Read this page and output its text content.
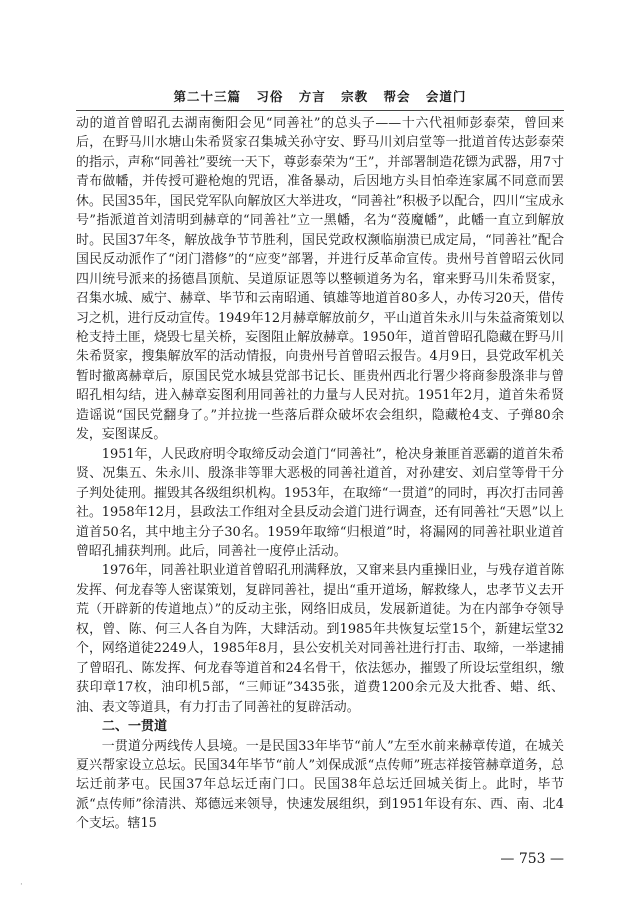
第二十三篇 习俗 方言 宗教 帮会 会道门

动的道首曾昭孔去湖南衡阳会见“同善社”的总头子——十六代祖师彭泰荣，曾回来后，在野马川水塘山朱希贤家召集城关孙守安、野马川刘启堂等一批道首传达彭泰荣的指示，声称“同善社”要统一天下，尊彭泰荣为“王”，并部署制造花镖为武器，用7寸青布做幡，并传授可避枪炮的咒语，准备暴动，后因地方头目怕牵连家属不同意而罢休。民国35年，国民党军队向解放区大举进攻，“同善社”积极予以配合，四川“宝成永号”指派道首刘清明到赫章的“同善社”立一黑幡，名为“莈魔幡”，此幡一直立到解放时。民国37年冬，解放战争节节胜利，国民党政权濒临崩溃已成定局，“同善社”配合国民反动派作了“闭门潜修”的“应变”部署，并进行反革命宣传。贵州号首曾昭云伙同四川统号派来的扬德昌顶航、吴道原证恩等以整顿道务为名，窜来野马川朱希贤家，召集水城、威宁、赫章、毕节和云南昭通、镇雄等地道首80多人，办传习20天，借传习之机，进行反动宣传。1949年12月赫章解放前夕，平山道首朱永川与朱益斋策划以枪支持土匪，烧毁七星关桥，妄图阻止解放赫章。1950年，道首曾昭孔隐藏在野马川朱希贤家，搜集解放军的活动情报，向贵州号首曾昭云报告。4月9日，县党政军机关暂时撤离赫章后，原国民党水城县党部书记长、匪贵州西北行署少将商参殷涤非与曾昭孔相勾结，进入赫章妄图利用同善社的力量与人民对抗。1951年2月，道首朱希贤造谣说“国民党翻身了。”并拉拢一些落后群众破坏农会组织，隐藏枪4支、子弹80余发，妄图谋反。

1951年，人民政府明令取缔反动会道门“同善社”，枪决身兼匪首恶霸的道首朱希贤、况集五、朱永川、殷涤非等罪大恶极的同善社道首，对孙建安、刘启堂等骨干分子判处徒刑。摧毁其各级组织机构。1953年，在取缔“一贯道”的同时，再次打击同善社。1958年12月，县政法工作组对全县反动会道门进行调查，还有同善社“天恩”以上道首50名，其中地主分子30名。1959年取缔“归根道”时，将漏网的同善社职业道首曾昭孔捕获判刑。此后，同善社一度停止活动。

1976年，同善社职业道首曾昭孔刑满释放，又窜来县内重操旧业，与残存道首陈发挥、何龙春等人密谋策划，复辟同善社，提出“重开道场，解救缘人，忠孝节义去开荒（开辟新的传道地点）”的反动主张，网络旧成员，发展新道徒。为在内部争夺领导权，曾、陈、何三人各自为阵，大肆活动。到1985年共恢复坛堂15个，新建坛堂32个，网络道徒2249人，1985年8月，县公安机关对同善社进行打击、取缔，一举逮捕了曾昭孔、陈发挥、何龙春等道首和24名骨干，依法惩办，摧毁了所设坛堂组织，缴获印章17枚，油印机5部，“三师证”3435张，道费1200余元及大批香、蜡、纸、油、表文等道具，有力打击了同善社的复辟活动。

二、一贯道

一贯道分两线传人县境。一是民国33年毕节“前人”左至水前来赫章传道，在城关夏兴帮家设立总坛。民国34年毕节“前人”刘保成派“点传师”班志祥接管赫章道务，总坛迁前茅屯。民国37年总坛迁南门口。民国38年总坛迁回城关街上。此时，毕节派“点传师”徐清洪、郑德远来领导，快速发展组织，到1951年设有东、西、南、北4个支坛。辖15

— 753 —
·
